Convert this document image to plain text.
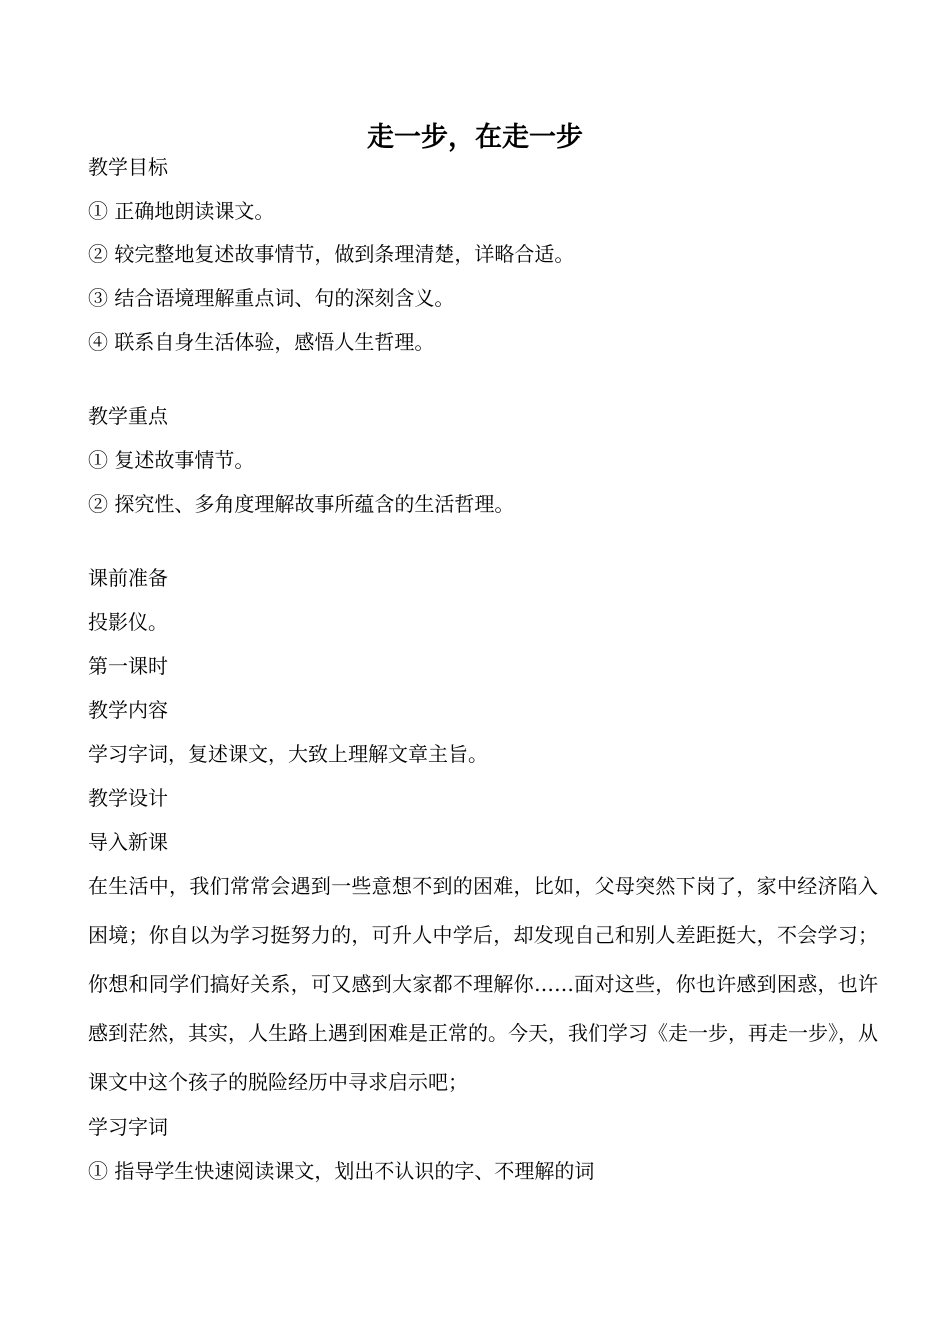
走一步，在走一步

教学目标

① 正确地朗读课文。

② 较完整地复述故事情节，做到条理清楚，详略合适。

③ 结合语境理解重点词、句的深刻含义。

④ 联系自身生活体验，感悟人生哲理。

教学重点

① 复述故事情节。

② 探究性、多角度理解故事所蕴含的生活哲理。

课前准备

投影仪。

第一课时

教学内容

学习字词，复述课文，大致上理解文章主旨。

教学设计

导入新课

在生活中，我们常常会遇到一些意想不到的困难，比如，父母突然下岗了，家中经济陷入困境；你自以为学习挺努力的，可升人中学后，却发现自己和别人差距挺大，不会学习；你想和同学们搞好关系，可又感到大家都不理解你……面对这些，你也许感到困惑，也许感到茫然，其实，人生路上遇到困难是正常的。今天，我们学习《走一步，再走一步》，从课文中这个孩子的脱险经历中寻求启示吧；

学习字词

① 指导学生快速阅读课文，划出不认识的字、不理解的词
